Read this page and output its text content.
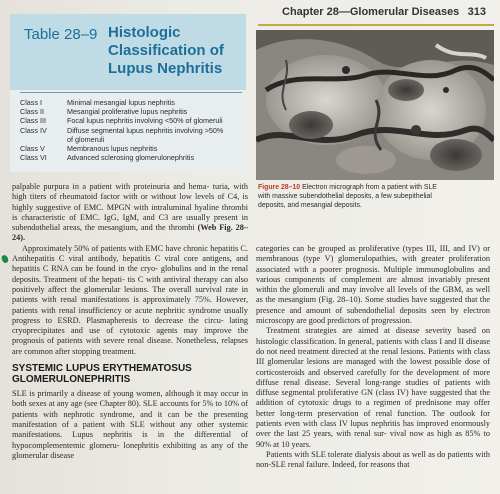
Chapter 28—Glomerular Diseases 313
Table 28–9 Histologic
Classification of
Lupus Nephritis
Class I	Minimal mesangial lupus nephritis
Class II	Mesangial proliferative lupus nephritis
Class III	Focal lupus nephritis involving <50% of glomeruli
Class IV	Diffuse segmental lupus nephritis involving >50%
of glomeruli
Class V	Membranous lupus nephritis
Class VI	Advanced sclerosing glomerulonephritis
Figure 28–10 Electron micrograph from a patient with SLE
with massive subendothelial deposits, a few subepithelial
deposits, and mesangial deposits.

palpable purpura in a patient with proteinuria and hema- turia, with high titers of rheumatoid factor with or without low levels of C4, is highly suggestive of EMC. MPGN with intraluminal hyaline thrombi is characteristic of EMC. IgG, IgM, and C3 are usually present in subendothelial areas, the mesangium, and the thrombi (Web Fig. 28–24).

Approximately 50% of patients with EMC have chronic hepatitis C. Antihepatitis C viral antibody, hepatitis C viral core antigens, and hepatitis C RNA can be found in the cryo- globulins and in the renal deposits. Treatment of the hepati- tis C with antiviral therapy can also positively affect the glomerular lesions. The overall survival rate in patients with renal manifestations is approximately 75%. However, patients with renal insufficiency or acute nephritic syndrome usually progress to ESRD. Plasmapheresis to decrease the circu- lating cryoprecipitates and use of cytotoxic agents may improve the prognosis of patients with severe renal disease. Nonetheless, relapses are common after stopping treatment.

SYSTEMIC LUPUS ERYTHEMATOSUS
GLOMERULONEPHRITIS

SLE is primarily a disease of young women, although it may occur in both sexes at any age (see Chapter 80). SLE accounts for 5% to 10% of patients with nephrotic syndrome, and it can be the presenting manifestation of a patient with SLE without any other systemic manifestations. Lupus nephritis is in the differential of hypocomplementemic glomeru- lonephritis exhibiting as any of the glomerular disease

categories can be grouped as proliferative (types III, III, and IV) or membranous (type V) glomerulopathies, with greater proliferation associated with a poorer prognosis. Multiple immunoglobulins and various components of complement are almost invariably present within the glomeruli and may involve all levels of the GBM, as well as the mesangium (Fig. 28–10). Some studies have suggested that the presence and amount of subendothelial deposits seen by electron microscopy are good predictors of progression.

Treatment strategies are aimed at disease severity based on histologic classification. In general, patients with class I and II disease do not need treatment directed at the renal lesions. Patients with class III glomerular lesions are managed with the lowest possible dose of corticosteroids and observed carefully for the development of more diffuse renal disease. Several long-range studies of patients with diffuse segmental proliferative GN (class IV) have suggested that the addition of cytotoxic drugs to a regimen of prednisone may offer better long-term preservation of renal function. The outlook for patients even with class IV lupus nephritis has improved enormously over the last 25 years, with renal sur- vival now as high as 85% to 90% at 10 years.

Patients with SLE tolerate dialysis about as well as do patients with non-SLE renal failure. Indeed, for reasons that
